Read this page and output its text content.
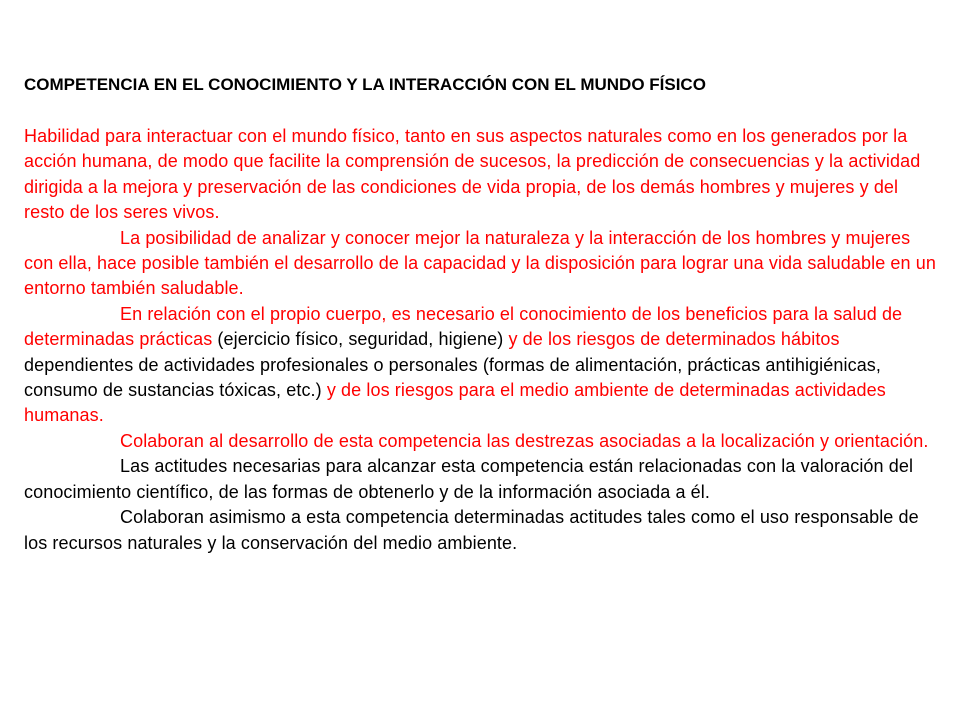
COMPETENCIA EN EL CONOCIMIENTO Y LA INTERACCIÓN CON EL MUNDO FÍSICO

Habilidad para interactuar con el mundo físico, tanto en sus aspectos naturales como en los generados por la acción humana, de modo que facilite la comprensión de sucesos, la predicción de consecuencias y la actividad dirigida a la mejora y preservación de las condiciones de vida propia, de los demás hombres y mujeres y del resto de los seres vivos.

La posibilidad de analizar y conocer mejor la naturaleza y la interacción de los hombres y mujeres con ella, hace posible también el desarrollo de la capacidad y la disposición para lograr una vida saludable en un entorno también saludable.

En relación con el propio cuerpo, es necesario el conocimiento de los beneficios para la salud de determinadas prácticas (ejercicio físico, seguridad, higiene) y de los riesgos de determinados hábitos dependientes de actividades profesionales o personales (formas de alimentación, prácticas antihigiénicas, consumo de sustancias tóxicas, etc.) y de los riesgos para el medio ambiente de determinadas actividades humanas.

Colaboran al desarrollo de esta competencia las destrezas asociadas a la localización y orientación.

Las actitudes necesarias para alcanzar esta competencia están relacionadas con la valoración del conocimiento científico, de las formas de obtenerlo y de la información asociada a él.

Colaboran asimismo a esta competencia determinadas actitudes tales como el uso responsable de los recursos naturales y la conservación del medio ambiente.
